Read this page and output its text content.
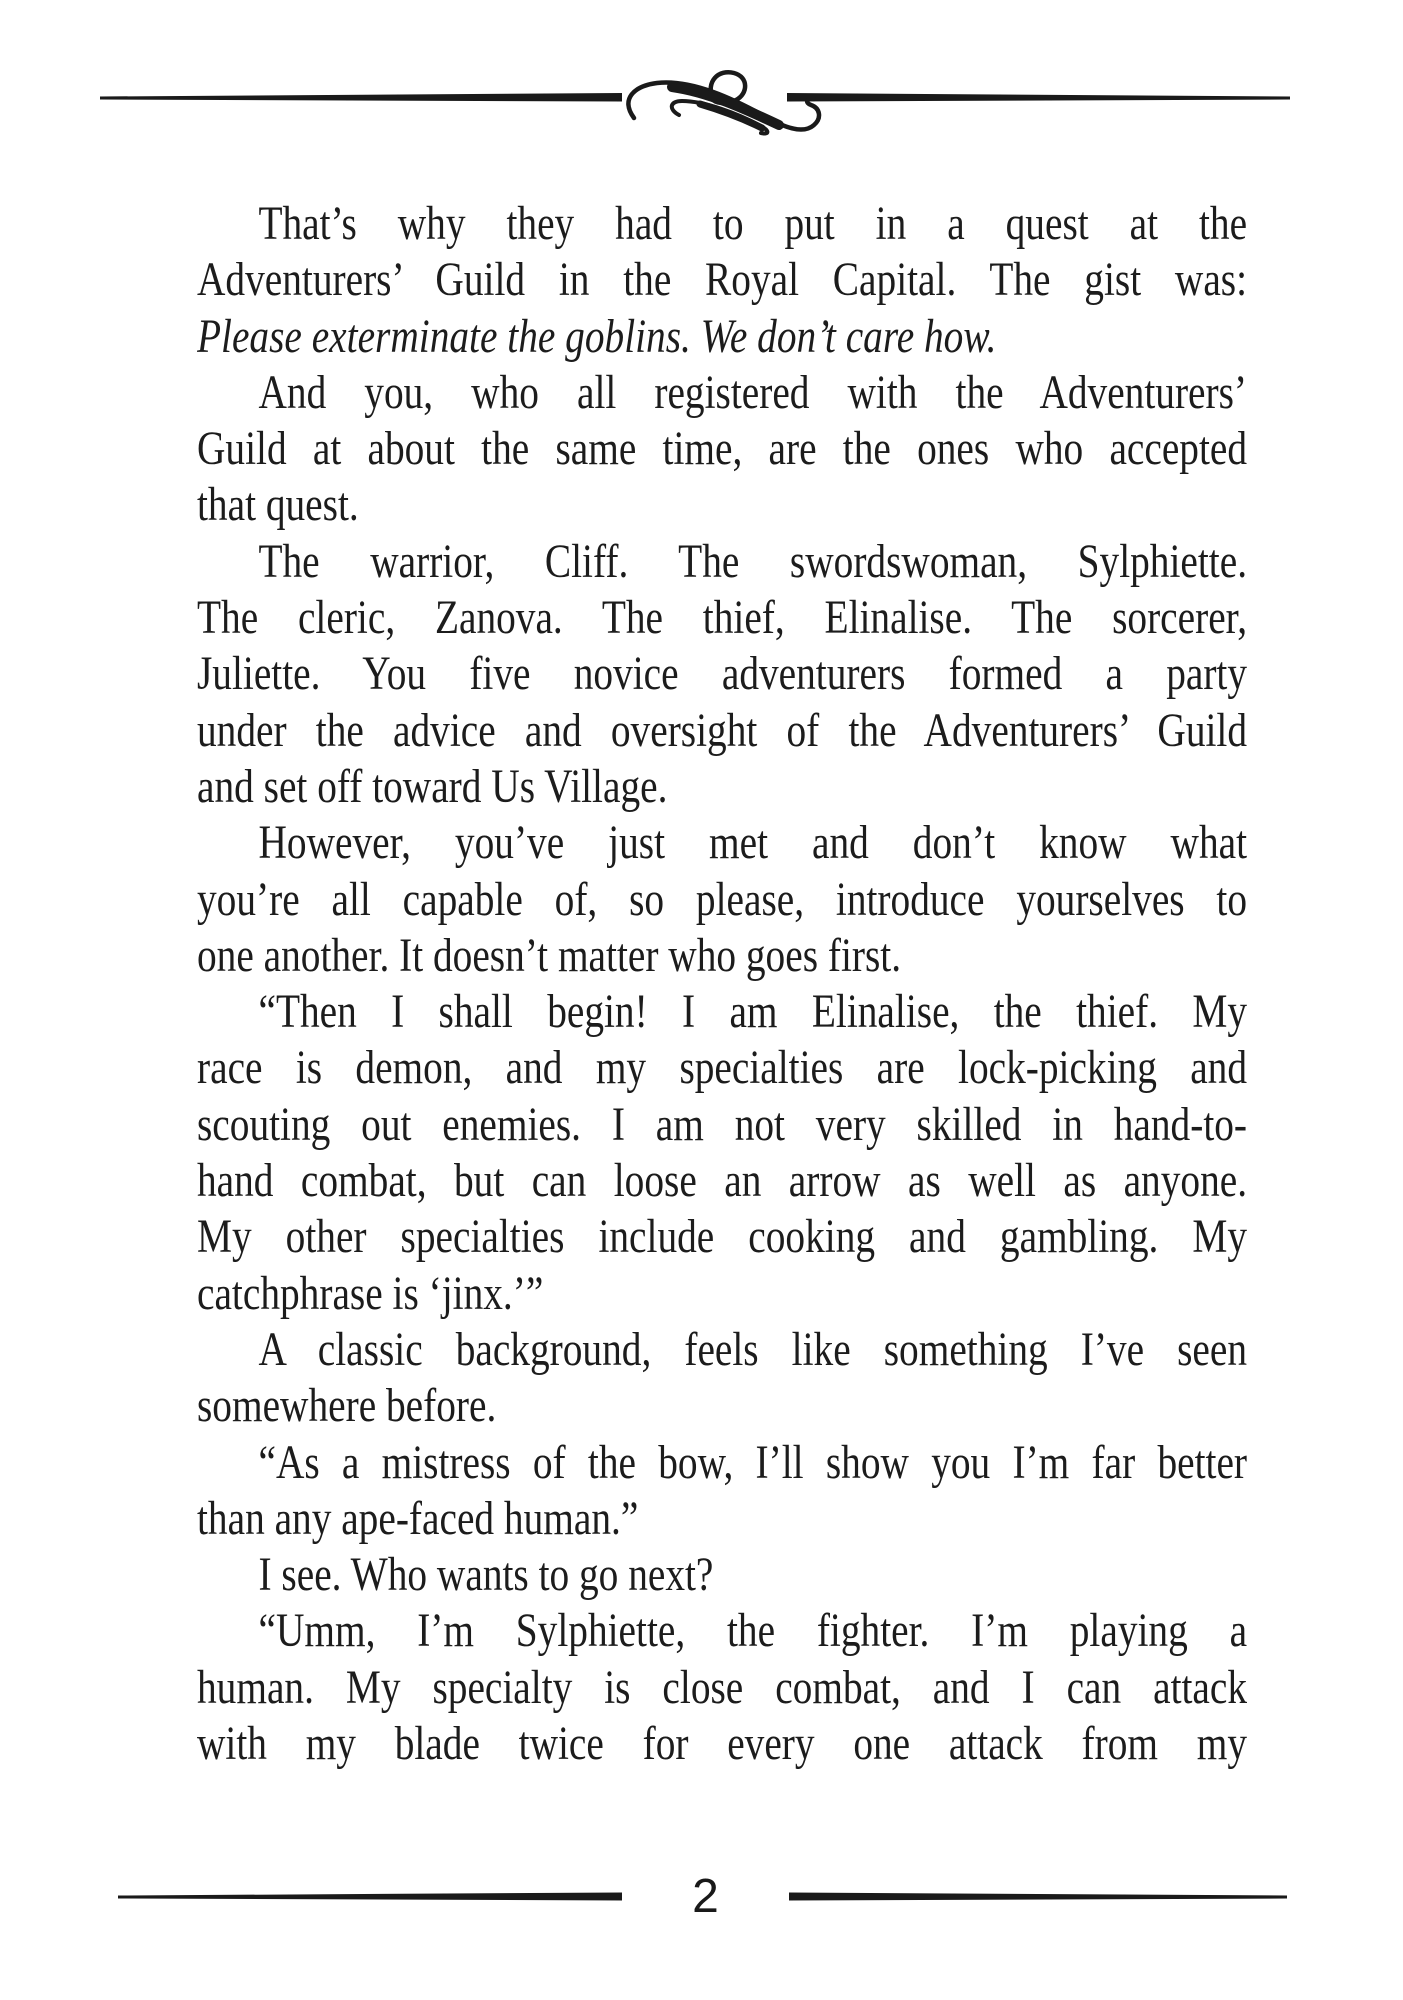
That’s why they had to put in a quest at the
Adventurers’ Guild in the Royal Capital. The gist was:
Please exterminate the goblins. We don’t care how.
And you, who all registered with the Adventurers’
Guild at about the same time, are the ones who accepted
that quest.
The warrior, Cliff. The swordswoman, Sylphiette.
The cleric, Zanova. The thief, Elinalise. The sorcerer,
Juliette. You five novice adventurers formed a party
under the advice and oversight of the Adventurers’ Guild
and set off toward Us Village.
However, you’ve just met and don’t know what
you’re all capable of, so please, introduce yourselves to
one another. It doesn’t matter who goes first.
“Then I shall begin! I am Elinalise, the thief. My
race is demon, and my specialties are lock-picking and
scouting out enemies. I am not very skilled in hand-to-
hand combat, but can loose an arrow as well as anyone.
My other specialties include cooking and gambling. My
catchphrase is ‘jinx.’”
A classic background, feels like something I’ve seen
somewhere before.
“As a mistress of the bow, I’ll show you I’m far better
than any ape-faced human.”
I see. Who wants to go next?
“Umm, I’m Sylphiette, the fighter. I’m playing a
human. My specialty is close combat, and I can attack
with my blade twice for every one attack from my
2
